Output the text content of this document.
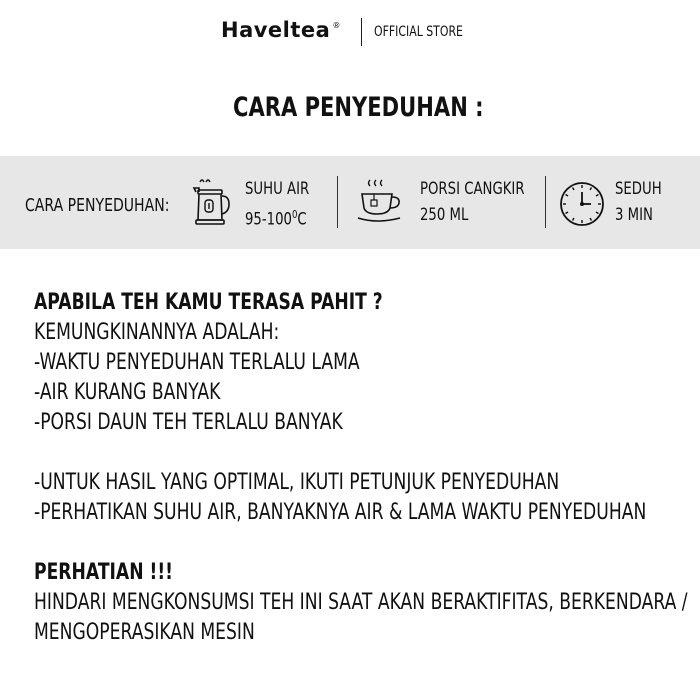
Haveltea ® OFFICIAL STORE
CARA PENYEDUHAN :
CARA PENYEDUHAN:
SUHU AIR
$95-100^0C$
PORSI CANGKIR
250 ML
SEDUH
3 MIN

APABILA TEH KAMU TERASA PAHIT ?

KEMUNGKINANNYA ADALAH:

-WAKTU PENYEDUHAN TERLALU LAMA

-AIR KURANG BANYAK

-PORSI DAUN TEH TERLALU BANYAK

-UNTUK HASIL YANG OPTIMAL, IKUTI PETUNJUK PENYEDUHAN

-PERHATIKAN SUHU AIR, BANYAKNYA AIR & LAMA WAKTU PENYEDUHAN

PERHATIAN !!!

HINDARI MENGKONSUMSI TEH INI SAAT AKAN BERAKTIFITAS, BERKENDARA /

MENGOPERASIKAN MESIN
